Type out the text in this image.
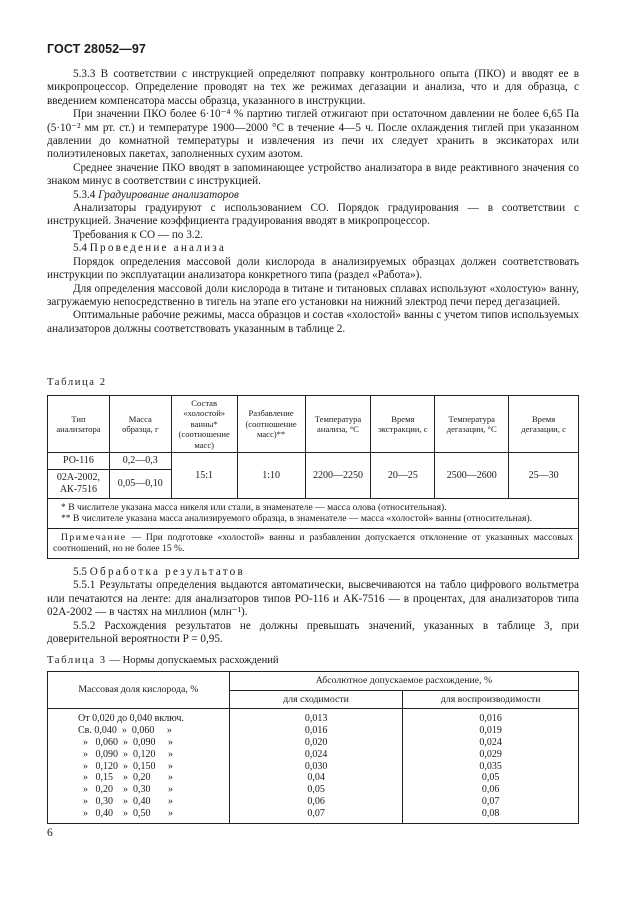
ГОСТ 28052—97

5.3.3 В соответствии с инструкцией определяют поправку контрольного опыта (ПКО) и вводят ее в микропроцессор. Определение проводят на тех же режимах дегазации и анализа, что и для образца, с введением компенсатора массы образца, указанного в инструкции.

При значении ПКО более 6·10⁻⁴ % партию тиглей отжигают при остаточном давлении не более 6,65 Па (5·10⁻² мм рт. ст.) и температуре 1900—2000 °С в течение 4—5 ч. После охлаждения тиглей при указанном давлении до комнатной температуры и извлечения из печи их следует хранить в эксикаторах или полиэтиленовых пакетах, заполненных сухим азотом.

Среднее значение ПКО вводят в запоминающее устройство анализатора в виде реактивного значения со знаком минус в соответствии с инструкцией.

5.3.4 Градуирование анализаторов

Анализаторы градуируют с использованием СО. Порядок градуирования — в соответствии с инструкцией. Значение коэффициента градуирования вводят в микропроцессор.

Требования к СО — по 3.2.

5.4 Проведение анализа

Порядок определения массовой доли кислорода в анализируемых образцах должен соответствовать инструкции по эксплуатации анализатора конкретного типа (раздел «Работа»).

Для определения массовой доли кислорода в титане и титановых сплавах используют «холостую» ванну, загружаемую непосредственно в тигель на этапе его установки на нижний электрод печи перед дегазацией.

Оптимальные рабочие режимы, масса образцов и состав «холостой» ванны с учетом типов используемых анализаторов должны соответствовать указанным в таблице 2.

Таблица 2
Тип анализатора	Масса образца, г	Состав «холостой» ванны* (соотношение масс)	Разбавление (соотношение масс)**	Температура анализа, °С	Время экстракции, с	Температура дегазации, °С	Время дегазации, с
РО-116	0,2—0,3	15:1	1:10	2200—2250	20—25	2500—2600	25—30
02А-2002, АК-7516	0,05—0,10						

* В числителе указана масса никеля или стали, в знаменателе — масса олова (относительная).
** В числителе указана масса анализируемого образца, в знаменателе — масса «холостой» ванны (относительная).							

Примечание — При подготовке «холостой» ванны и разбавлении допускается отклонение от указанных массовых соотношений, но не более 15 %.							

5.5 Обработка результатов

5.5.1 Результаты определения выдаются автоматически, высвечиваются на табло цифрового вольтметра или печатаются на ленте: для анализаторов типов РО-116 и АК-7516 — в процентах, для анализаторов типа 02А-2002 — в частях на миллион (млн⁻¹).

5.5.2 Расхождения результатов не должны превышать значений, указанных в таблице 3, при доверительной вероятности P = 0,95.

Таблица 3 — Нормы допускаемых расхождений
Массовая доля кислорода, %	Абсолютное допускаемое расхождение, %	
	для сходимости	для воспроизводимости
От 0,020 до 0,040 включ.	0,013	0,016
Св. 0,040  »  0,060     »	0,016	0,019
»   0,060  »  0,090     »	0,020	0,024
»   0,090  »  0,120     »	0,024	0,029
»   0,120  »  0,150     »	0,030	0,035
»   0,15    »  0,20       »	0,04	0,05
»   0,20    »  0,30       »	0,05	0,06
»   0,30    »  0,40       »	0,06	0,07
»   0,40    »  0,50       »	0,07	0,08
6
